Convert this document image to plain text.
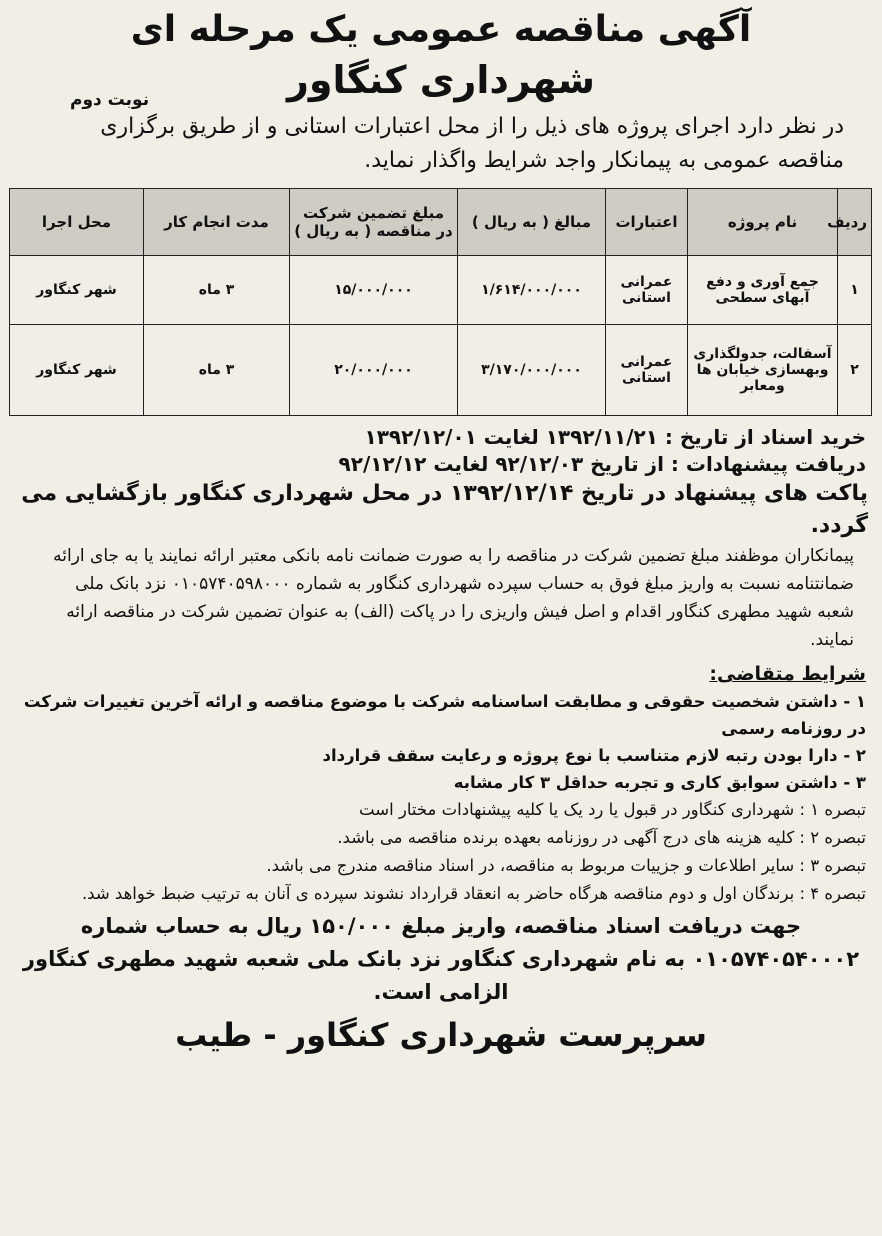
آگهی مناقصه عمومی یک مرحله ای
شهرداری کنگاور
نوبت دوم
در نظر دارد اجرای پروژه های ذیل را از محل اعتبارات استانی و از طریق برگزاری مناقصه عمومی به پیمانکار واجد شرایط واگذار نماید.
ردیف	نام پروژه	اعتبارات	مبالغ ( به ریال )	مبلغ تضمین شرکت در مناقصه ( به ریال )	مدت انجام کار	محل اجرا
۱	جمع آوری و دفع آبهای سطحی	عمرانی استانی	۱/۶۱۴/۰۰۰/۰۰۰	۱۵/۰۰۰/۰۰۰	۳ ماه	شهر کنگاور
۲	آسفالت، جدولگذاری وبهسازی خیابان ها ومعابر	عمرانی استانی	۳/۱۷۰/۰۰۰/۰۰۰	۲۰/۰۰۰/۰۰۰	۳ ماه	شهر کنگاور
خرید اسناد از تاریخ : ۱۳۹۲/۱۱/۲۱ لغایت ۱۳۹۲/۱۲/۰۱
دریافت پیشنهادات : از تاریخ ۹۲/۱۲/۰۳ لغایت ۹۲/۱۲/۱۲
پاکت های پیشنهاد در تاریخ ۱۳۹۲/۱۲/۱۴ در محل شهرداری کنگاور بازگشایی می گردد.
پیمانکاران موظفند مبلغ تضمین شرکت در مناقصه را به صورت ضمانت نامه بانکی معتبر ارائه نمایند یا به جای ارائه ضمانتنامه نسبت به واریز مبلغ فوق به حساب سپرده شهرداری کنگاور به شماره ۰۱۰۵۷۴۰۵۹۸۰۰۰ نزد بانک ملی شعبه شهید مطهری کنگاور اقدام و اصل فیش واریزی را در پاکت (الف) به عنوان تضمین شرکت در مناقصه ارائه نمایند.
شرایط متقاضی:
۱ - داشتن شخصیت حقوقی و مطابقت اساسنامه شرکت با موضوع مناقصه و ارائه آخرین تغییرات شرکت در روزنامه رسمی
۲ - دارا بودن رتبه لازم متناسب با نوع پروژه و رعایت سقف قرارداد
۳ - داشتن سوابق کاری و تجربه حداقل ۳ کار مشابه
تبصره ۱ : شهرداری کنگاور در قبول یا رد یک یا کلیه پیشنهادات مختار است
تبصره ۲ : کلیه هزینه های درج آگهی در روزنامه بعهده برنده مناقصه می باشد.
تبصره ۳ : سایر اطلاعات و جزییات مربوط به مناقصه، در اسناد مناقصه مندرج می باشد.
تبصره ۴ : برندگان اول و دوم مناقصه هرگاه حاضر به انعقاد قرارداد نشوند سپرده ی آنان به ترتیب ضبط خواهد شد.
جهت دریافت اسناد مناقصه، واریز مبلغ ۱۵۰/۰۰۰ ریال به حساب شماره ۰۱۰۵۷۴۰۵۴۰۰۰۲ به نام شهرداری کنگاور نزد بانک ملی شعبه شهید مطهری کنگاور الزامی است.
سرپرست شهرداری کنگاور - طیب
